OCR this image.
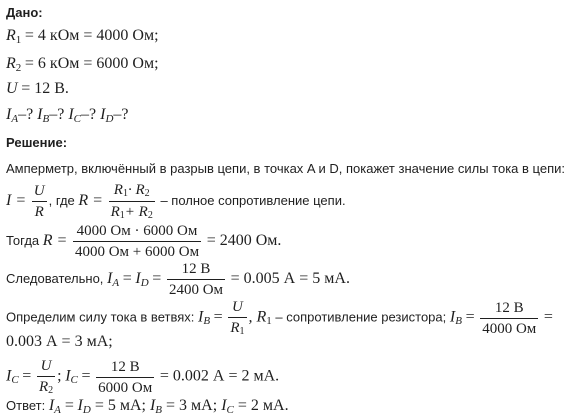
Дано:
$R_1 = 4$ кОм = 4000 Ом;
$R_2 = 6$ кОм = 6000 Ом;
U = 12 В.
$I_A-$? $I_B-$? $I_C-$? $I_D-$?
Решение:
Амперметр, включённый в разрыв цепи, в точках A и D, покажет значение силы тока в цепи:
$I = \frac{U}{R}$ , где $R = \frac{R1\cdot R2}{R1+ R2}$ – полное сопротивление цепи.
Тогда $R = \frac{4000 Ом \cdot 6000 Ом}{4000 Ом + 6000 Ом} = 2400$ Ом.
Следовательно, $I_A = I_D = \frac{12 В}{2400 Ом} = 0.005$ А = 5 мА.
Определим силу тока в ветвях: $I_B = \frac{U}{R1}$ , $R_1$ – сопротивление резистора; $I_B = \frac{12 В}{4000 Ом}$ =
0.003 А = 3 мА;
$I_C = \frac{U}{R2}$ ; $I_C = \frac{12 В}{6000 Ом} = 0.002$ А = 2 мА.
Ответ: $I_A = I_D = 5$ мА; $I_B = 3$ мА; $I_C = 2$ мА.
